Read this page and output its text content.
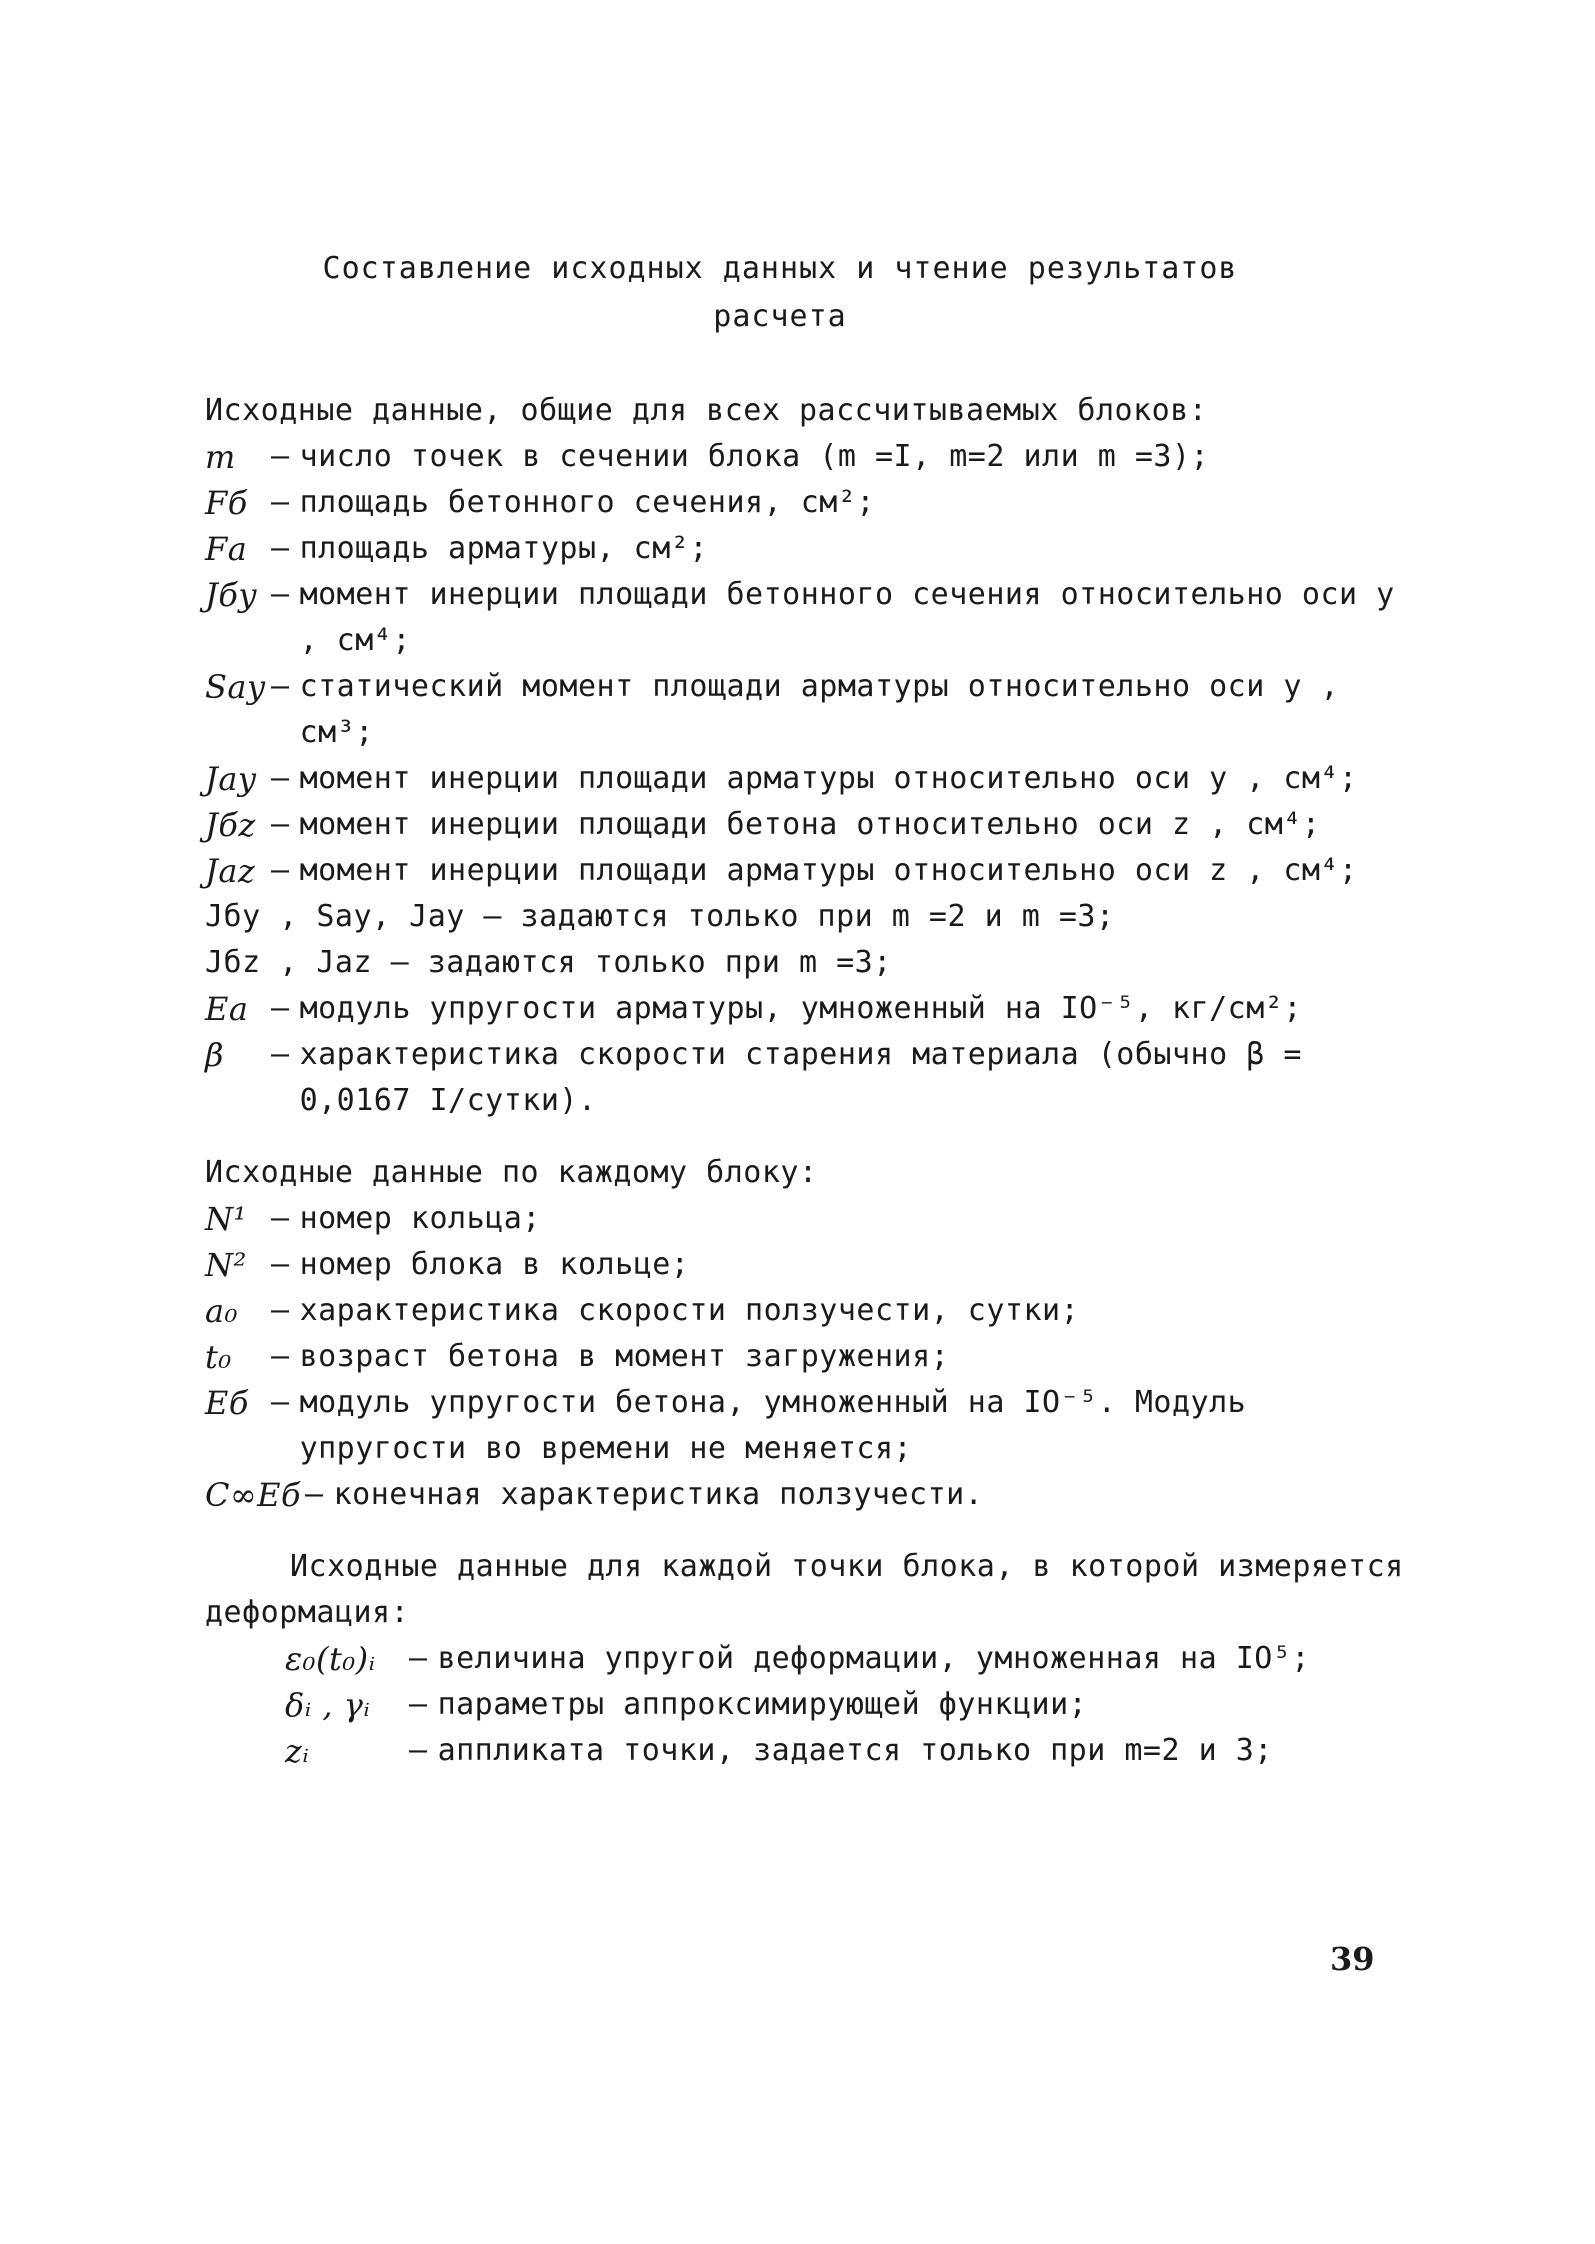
Составление исходных данных и чтение результатов
расчета

Исходные данные, общие для всех рассчитываемых блоков:

m	– число точек в сечении блока (m =I, m=2 или m =3);
Fб – площадь бетонного сечения, см²;
Fа – площадь арматуры, см²;
Jбy – момент инерции площади бетонного сечения относительно оси y , см⁴;
Say – статический момент площади арматуры относительно оси y , см³;
Jay – момент инерции площади арматуры относительно оси y , см⁴;
Jбz – момент инерции площади бетона относительно оси z , см⁴;
Jaz – момент инерции площади арматуры относительно оси z , см⁴;

Jбy , Say, Jay – задаются только при m =2 и m =3;

Jбz , Jaz – задаются только при m =3;

Eа – модуль упругости арматуры, умноженный на IO⁻⁵, кг/см²;
β	– характеристика скорости старения материала (обычно β = 0,0167 I/сутки).

Исходные данные по каждому блоку:

N¹ – номер кольца;
N² – номер блока в кольце;
a₀	– характеристика скорости ползучести, сутки;
t₀	– возраст бетона в момент загружения;
Eб – модуль упругости бетона, умноженный на IO⁻⁵. Модуль упругости во времени не меняется;
C∞Eб – конечная характеристика ползучести.

Исходные данные для каждой точки блока, в которой измеряется деформация:

ε₀(t₀)ᵢ	– величина упругой деформации, умноженная на IO⁵;
δᵢ , γᵢ	– параметры аппроксимирующей функции;
zᵢ	– аппликата точки, задается только при m=2 и 3;
39
